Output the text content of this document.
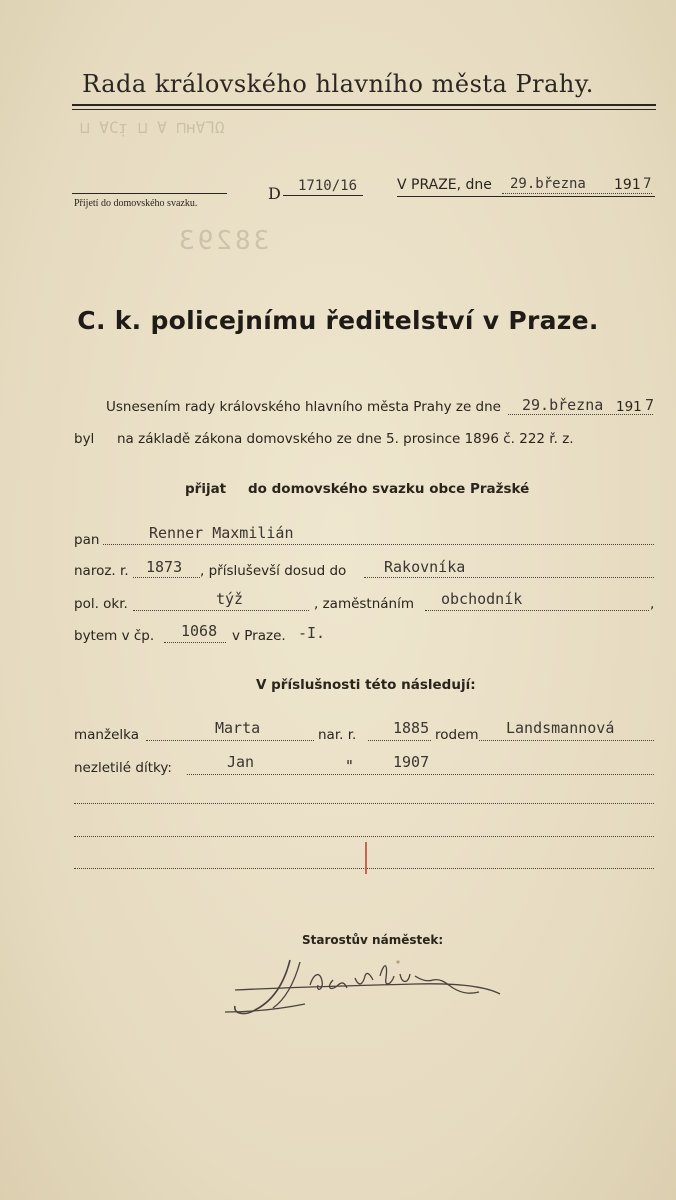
ΩΓ∀ʜ⊓ ∀ ⊔ ᴉϽ∀ ⊔
38293
Rada královského hlavního města Prahy.
Přijetí do domovského svazku.
D 1710/16	V PRAZE, dne 29.března 191 7
C. k. policejnímu ředitelství v Praze.
Usnesením rady královského hlavního města Prahy ze dne 29.března 191 7
byl na základě zákona domovského ze dne 5. prosince 1896 č. 222 ř. z.
přijat do domovského svazku obce Pražské
pan	Renner Maxmilián
naroz. r. 1873 , přísluševší dosud do	Rakovníka
pol. okr.	týž	, zaměstnáním obchodník	,
bytem v čp. 1068 v Praze. -I.
V příslušnosti této následují:
manželka	Marta	nar. r. 1885 rodem Landsmannová
nezletilé dítky:	Jan	"	1907
Starostův náměstek:
